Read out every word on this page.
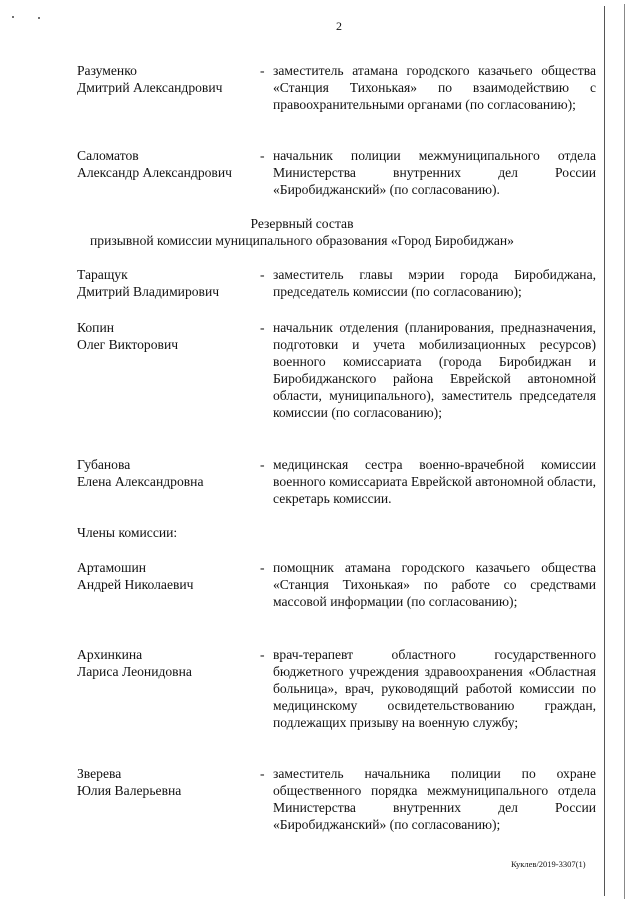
2
Разуменко
Дмитрий Александрович
- заместитель атамана городского казачьего общества «Станция Тихонькая» по взаимодействию с правоохранительными органами (по согласованию);

Саломатов
Александр Александрович
- начальник полиции межмуниципального отдела Министерства внутренних дел России «Биробиджанский» (по согласованию).

Резервный состав
призывной комиссии муниципального образования «Город Биробиджан»
Таращук
Дмитрий Владимирович
- заместитель главы мэрии города Биробиджана, председатель комиссии (по согласованию);

Копин
Олег Викторович
- начальник отделения (планирования, предназначения, подготовки и учета мобилизационных ресурсов) военного комиссариата (города Биробиджан и Биробиджанского района Еврейской автономной области, муниципального), заместитель председателя комиссии (по согласованию);

Губанова
Елена Александровна
- медицинская сестра военно-врачебной комиссии военного комиссариата Еврейской автономной области, секретарь комиссии.

Члены комиссии:
Артамошин
Андрей Николаевич
- помощник атамана городского казачьего общества «Станция Тихонькая» по работе со средствами массовой информации (по согласованию);

Архинкина
Лариса Леонидовна
- врач-терапевт областного государственного бюджетного учреждения здравоохранения «Областная больница», врач, руководящий работой комиссии по медицинскому освидетельствованию граждан, подлежащих призыву на военную службу;

Зверева
Юлия Валерьевна
- заместитель начальника полиции по охране общественного порядка межмуниципального отдела Министерства внутренних дел России «Биробиджанский» (по согласованию);

Куклев/2019-3307(1)
